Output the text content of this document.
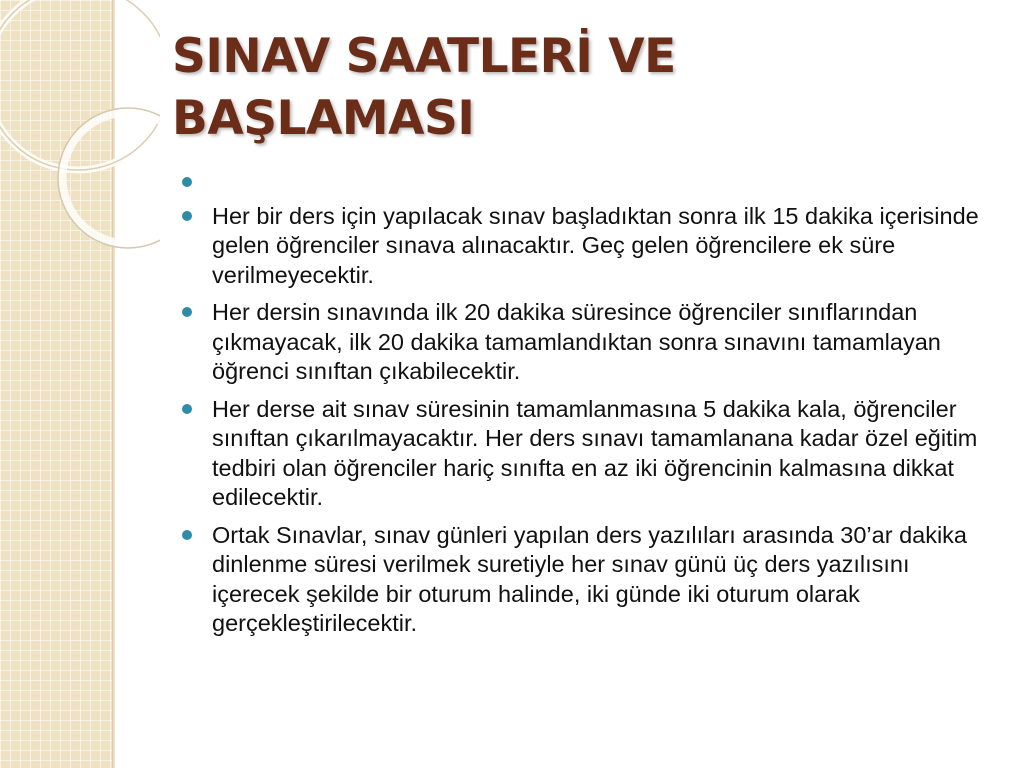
SINAV SAATLERİ VE BAŞLAMASI
Her bir ders için yapılacak sınav başladıktan sonra ilk 15 dakika içerisinde gelen öğrenciler sınava alınacaktır. Geç gelen öğrencilere ek süre verilmeyecektir.
Her dersin sınavında ilk 20 dakika süresince öğrenciler sınıflarından çıkmayacak, ilk 20 dakika tamamlandıktan sonra sınavını tamamlayan öğrenci sınıftan çıkabilecektir.
Her derse ait sınav süresinin tamamlanmasına 5 dakika kala, öğrenciler sınıftan çıkarılmayacaktır. Her ders sınavı tamamlanana kadar özel eğitim tedbiri olan öğrenciler hariç sınıfta en az iki öğrencinin kalmasına dikkat edilecektir.
Ortak Sınavlar, sınav günleri yapılan ders yazılıları arasında 30’ar dakika dinlenme süresi verilmek suretiyle her sınav günü üç ders yazılısını içerecek şekilde bir oturum halinde, iki günde iki oturum olarak gerçekleştirilecektir.
